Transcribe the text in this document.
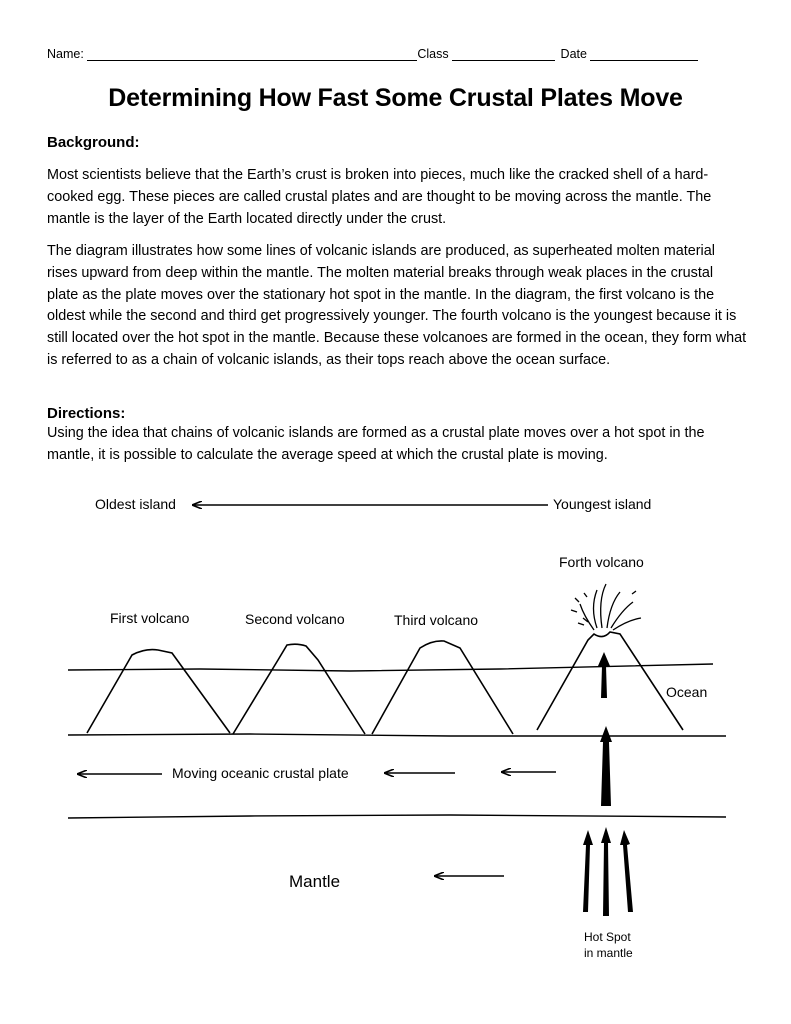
Name:	Class	Date
Determining How Fast Some Crustal Plates Move
Background:
Most scientists believe that the Earth’s crust is broken into pieces, much like the cracked shell of a hard-cooked egg. These pieces are called crustal plates and are thought to be moving across the mantle. The mantle is the layer of the Earth located directly under the crust.
The diagram illustrates how some lines of volcanic islands are produced, as superheated molten material rises upward from deep within the mantle. The molten material breaks through weak places in the crustal plate as the plate moves over the stationary hot spot in the mantle. In the diagram, the first volcano is the oldest while the second and third get progressively younger. The fourth volcano is the youngest because it is still located over the hot spot in the mantle. Because these volcanoes are formed in the ocean, they form what is referred to as a chain of volcanic islands, as their tops reach above the ocean surface.
Directions:
Using the idea that chains of volcanic islands are formed as a crustal plate moves over a hot spot in the mantle, it is possible to calculate the average speed at which the crustal plate is moving.
Oldest island	Youngest island
First volcano	Second volcano	Third volcano
Forth volcano
Ocean
Moving oceanic crustal plate
Mantle
Hot Spot
in mantle
